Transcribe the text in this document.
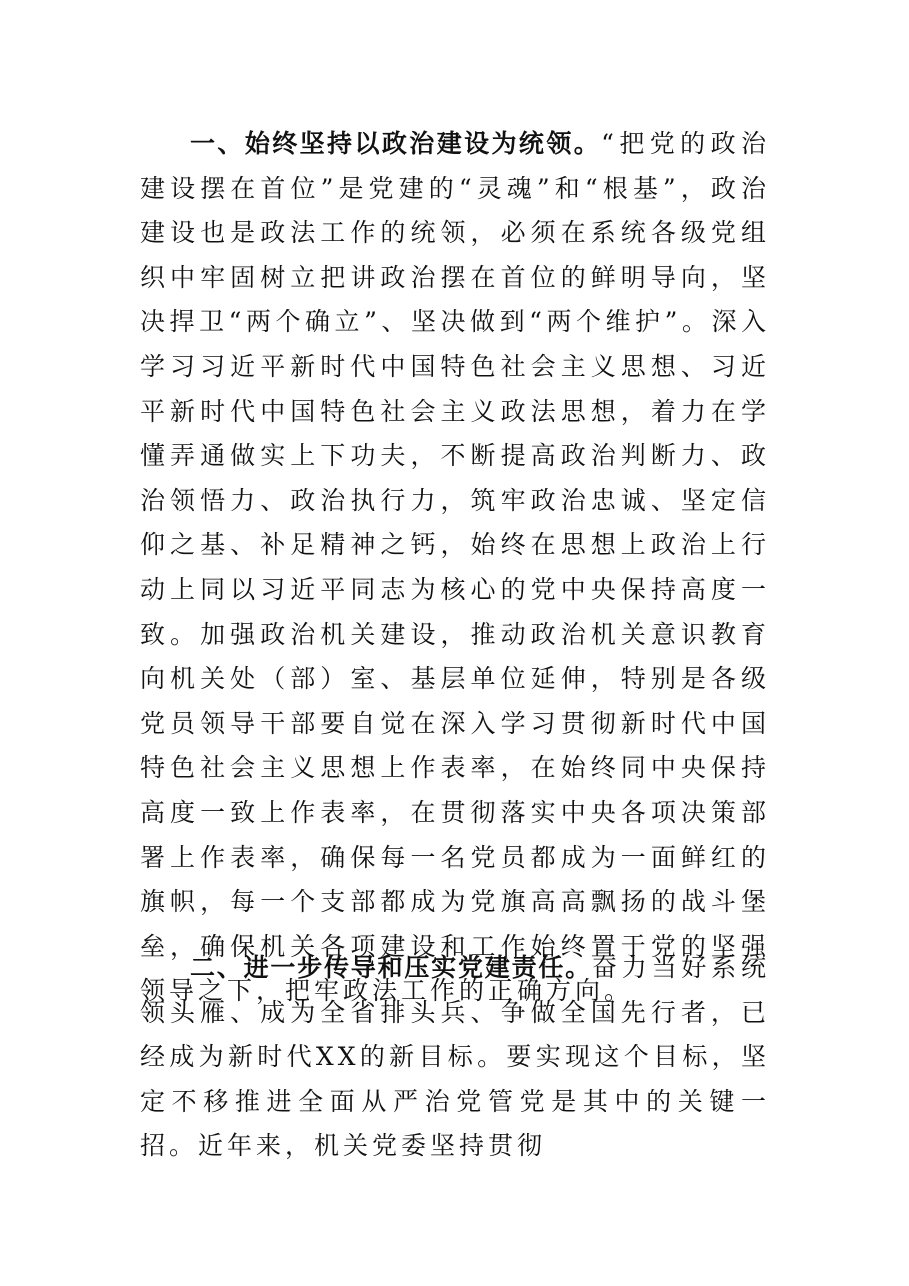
一、始终坚持以政治建设为统领。“把党的政治建设摆在首位”是党建的“灵魂”和“根基”，政治建设也是政法工作的统领，必须在系统各级党组织中牢固树立把讲政治摆在首位的鲜明导向，坚决捍卫“两个确立”、坚决做到“两个维护”。深入学习习近平新时代中国特色社会主义思想、习近平新时代中国特色社会主义政法思想，着力在学懂弄通做实上下功夫，不断提高政治判断力、政治领悟力、政治执行力，筑牢政治忠诚、坚定信仰之基、补足精神之钙，始终在思想上政治上行动上同以习近平同志为核心的党中央保持高度一致。加强政治机关建设，推动政治机关意识教育向机关处（部）室、基层单位延伸，特别是各级党员领导干部要自觉在深入学习贯彻新时代中国特色社会主义思想上作表率，在始终同中央保持高度一致上作表率，在贯彻落实中央各项决策部署上作表率，确保每一名党员都成为一面鲜红的旗帜，每一个支部都成为党旗高高飘扬的战斗堡垒，确保机关各项建设和工作始终置于党的坚强领导之下，把牢政法工作的正确方向。

二、进一步传导和压实党建责任。奋力当好系统领头雁、成为全省排头兵、争做全国先行者，已经成为新时代XX的新目标。要实现这个目标，坚定不移推进全面从严治党管党是其中的关键一招。近年来，机关党委坚持贯彻
